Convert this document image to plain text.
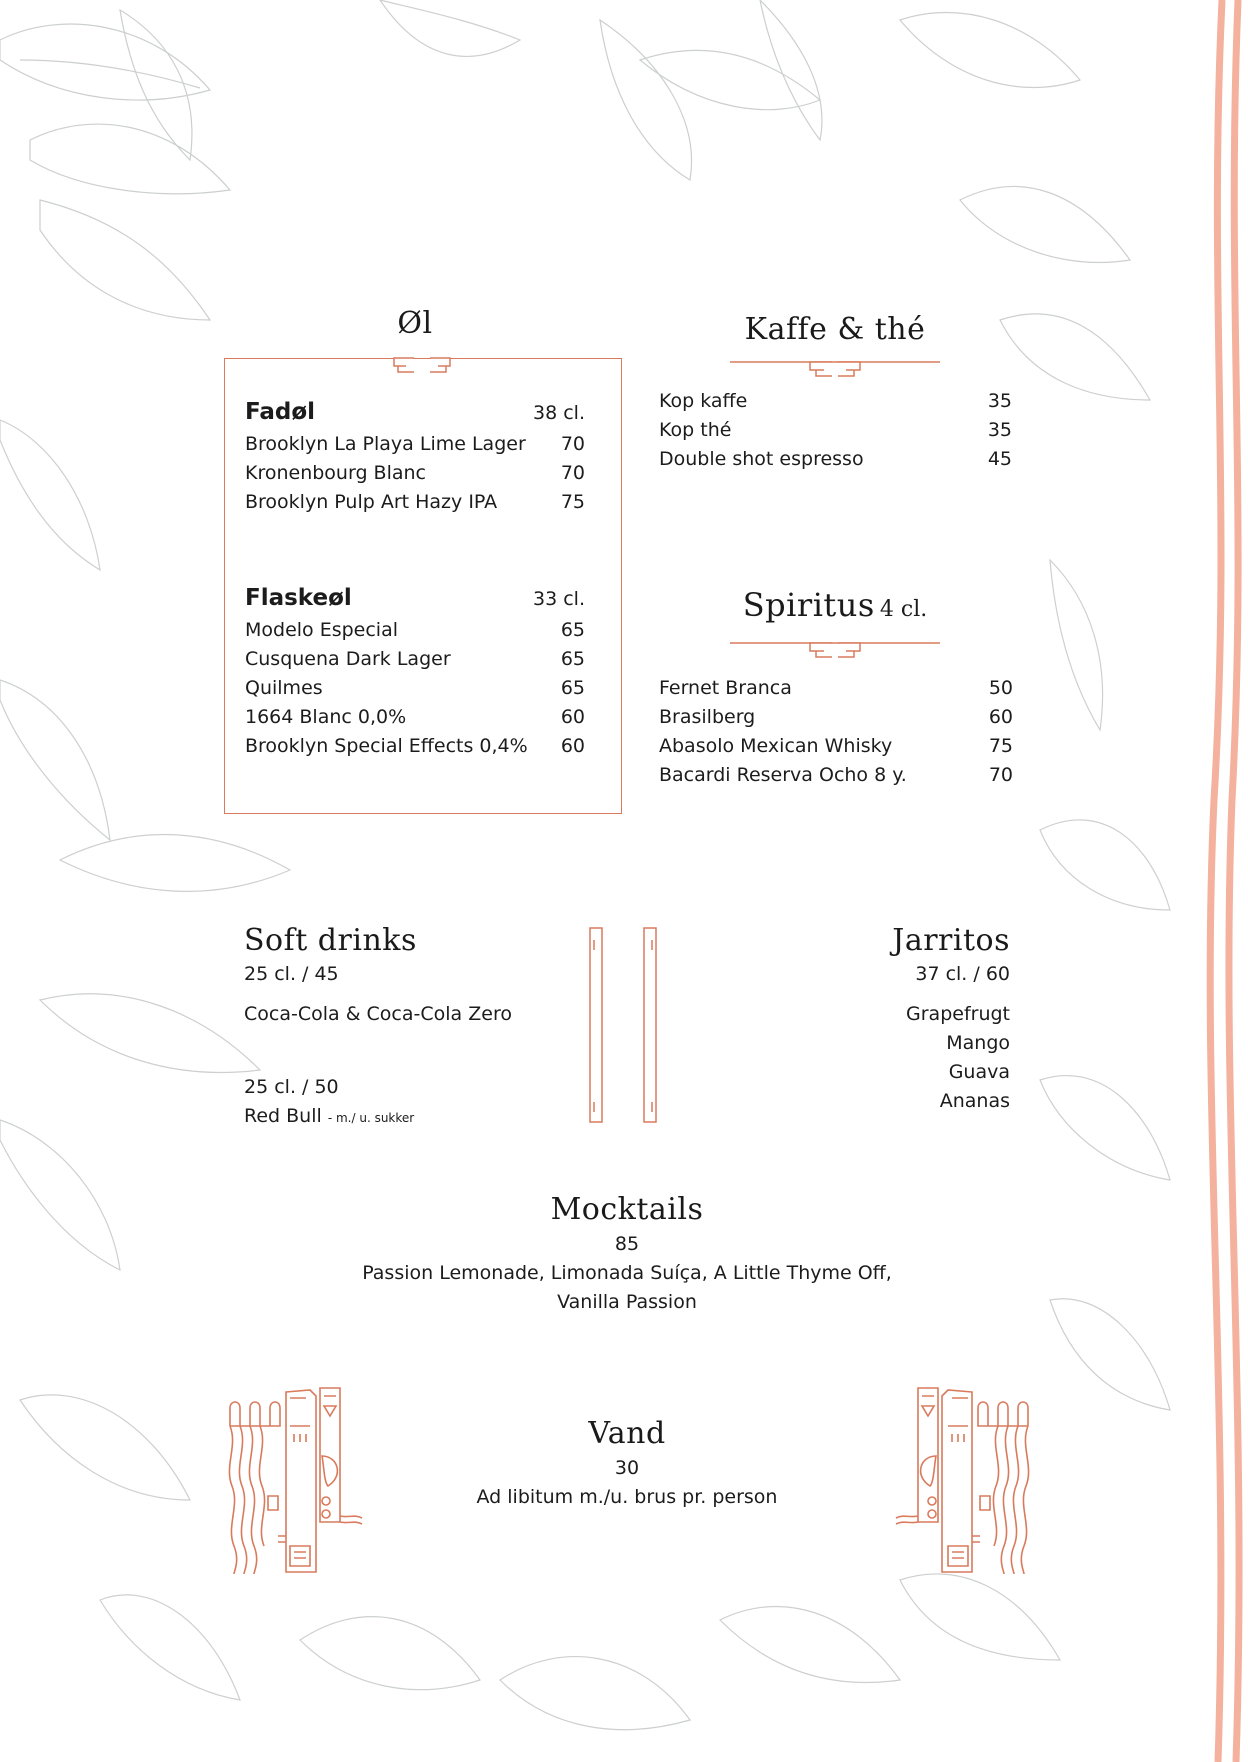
Øl
Fadøl	38 cl.
Brooklyn La Playa Lime Lager 70
Kronenbourg Blanc	70
Brooklyn Pulp Art Hazy IPA	75
Flaskeøl	33 cl.
Modelo Especial	65
Cusquena Dark Lager	65
Quilmes	65
1664 Blanc 0,0%	60
Brooklyn Special Effects 0,4% 60
Kaffe & thé
Kop kaffe	35
Kop thé	35
Double shot espresso	45
Spiritus 4 cl.
Fernet Branca	50
Brasilberg	60
Abasolo Mexican Whisky	75
Bacardi Reserva Ocho 8 y.	70
Soft drinks
25 cl. / 45
Coca-Cola & Coca-Cola Zero
25 cl. / 50
Red Bull - m./ u. sukker
Jarritos
37 cl. / 60
Grapefrugt
Mango
Guava
Ananas
Mocktails
85
Passion Lemonade, Limonada Suíça, A Little Thyme Off,
Vanilla Passion
Vand
30
Ad libitum m./u. brus pr. person
